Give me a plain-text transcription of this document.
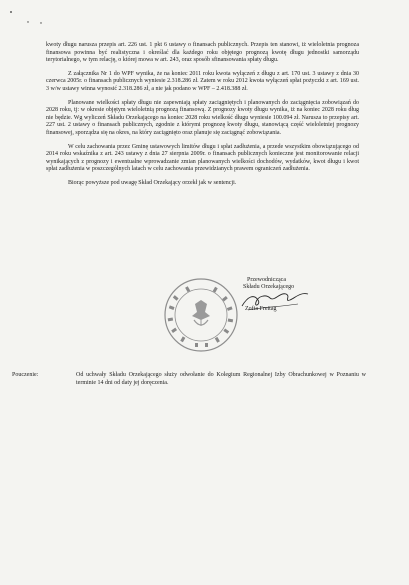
kwoty długu narusza przepis art. 226 ust. 1 pkt 6 ustawy o finansach publicznych. Przepis ten stanowi, iż wieloletnia prognoza finansowa powinna być realistyczna i określać dla każdego roku objętego prognozą kwotę długu jednostki samorządu terytorialnego, w tym relację, o której mowa w art. 243, oraz sposób sfinansowania spłaty długu.

Z załącznika Nr 1 do WPF wynika, że na koniec 2011 roku kwota wyłączeń z długu z art. 170 ust. 3 ustawy z dnia 30 czerwca 2005r. o finansach publicznych wyniesie 2.318.286 zł. Zatem w roku 2012 kwota wyłączeń spłat pożyczki z art. 169 ust. 3 w/w ustawy winna wynosić 2.318.286 zł, a nie jak podano w WPF – 2.418.388 zł.

Planowane wielkości spłaty długu nie zapewniają spłaty zaciągniętych i planowanych do zaciągnięcia zobowiązań do 2028 roku, tj: w okresie objętym wieloletnią prognozą finansową. Z prognozy kwoty długu wynika, iż na koniec 2028 roku dług nie będzie. Wg wyliczeń Składu Orzekającego na koniec 2028 roku wielkość długu wyniesie 100.094 zł. Narusza to przepisy art. 227 ust. 2 ustawy o finansach publicznych, zgodnie z którymi prognozę kwoty długu, stanowiącą część wieloletniej prognozy finansowej, sporządza się na okres, na który zaciągnięto oraz planuje się zaciągnąć zobowiązania.

W celu zachowania przez Gminę ustawowych limitów długu i spłat zadłużenia, a przede wszystkim obowiązującego od 2014 roku wskaźnika z art. 243 ustawy z dnia 27 sierpnia 2009r. o finansach publicznych konieczne jest monitorowanie relacji wynikających z prognozy i ewentualne wprowadzanie zmian planowanych wielkości dochodów, wydatków, kwot długu i kwot spłat zadłużenia w poszczególnych latach w celu zachowania przewidzianych prawem ograniczeń zadłużenia.

Biorąc powyższe pod uwagę Skład Orzekający orzekł jak w sentencji.

Przewodnicząca
Składu Orzekającego
Zofia Freitag
Pouczenie:	Od uchwały Składu Orzekającego służy odwołanie do Kolegium Regionalnej Izby Obrachunkowej w Poznaniu w terminie 14 dni od daty jej doręczenia.
